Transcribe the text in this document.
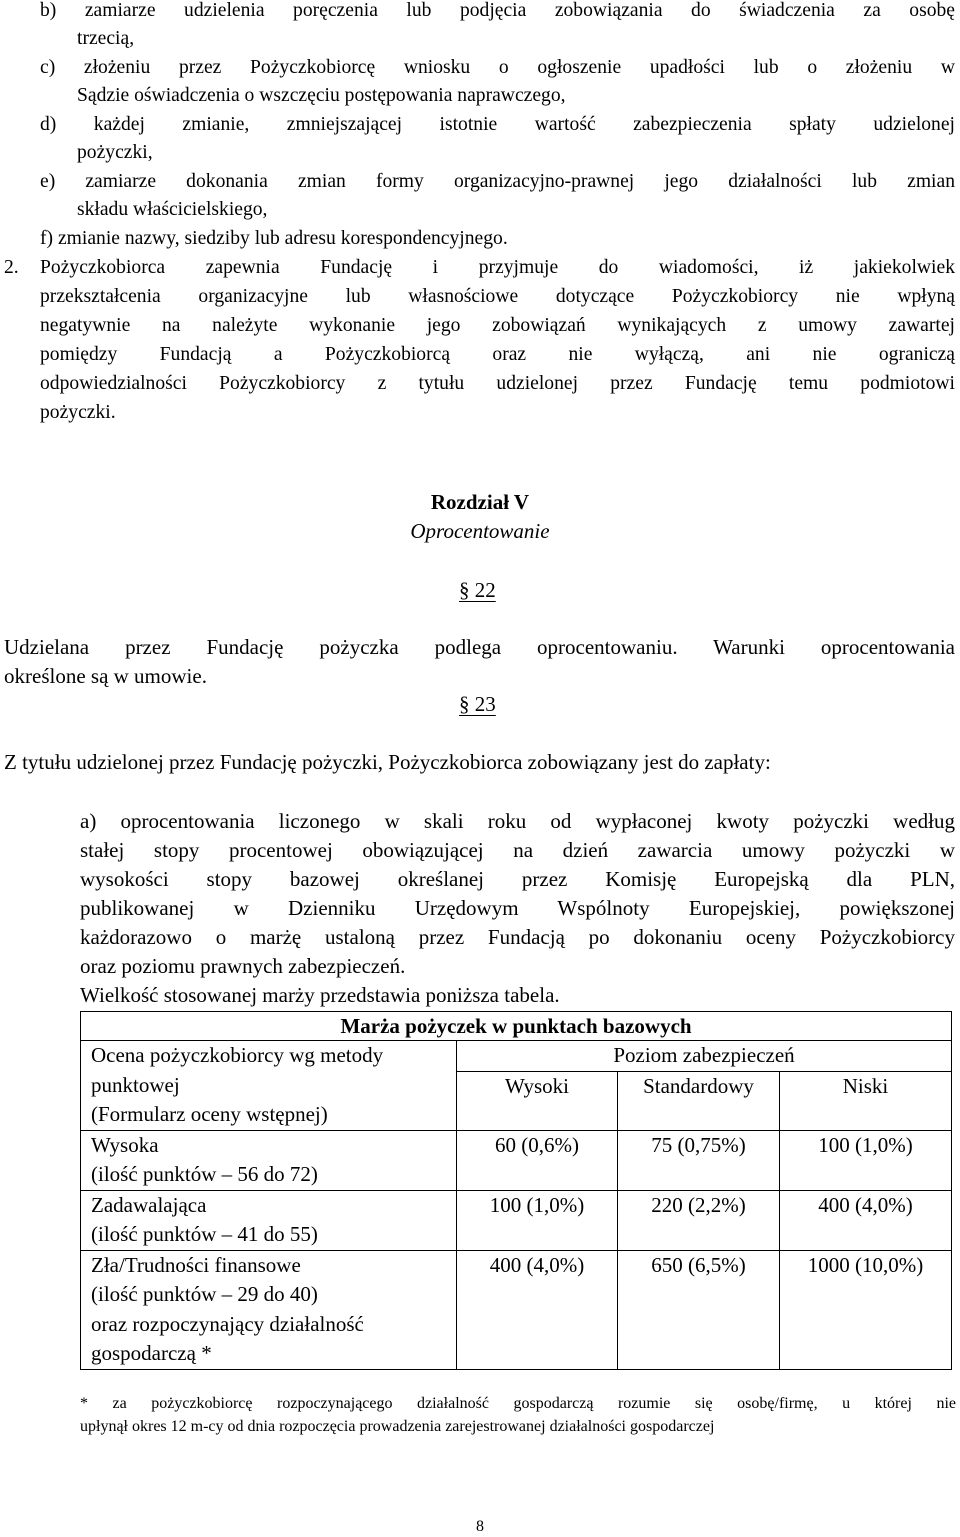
b) zamiarze udzielenia poręczenia lub podjęcia zobowiązania do świadczenia za osobę

trzecią,

c) złożeniu przez Pożyczkobiorcę wniosku o ogłoszenie upadłości lub o złożeniu w

Sądzie oświadczenia o wszczęciu postępowania naprawczego,

d) każdej zmianie, zmniejszającej istotnie wartość zabezpieczenia spłaty udzielonej

pożyczki,

e) zamiarze dokonania zmian formy organizacyjno-prawnej jego działalności lub zmian

składu właścicielskiego,

f) zmianie nazwy, siedziby lub adresu korespondencyjnego.

2. Pożyczkobiorca zapewnia Fundację i przyjmuje do wiadomości, iż jakiekolwiek

przekształcenia organizacyjne lub własnościowe dotyczące Pożyczkobiorcy nie wpłyną

negatywnie na należyte wykonanie jego zobowiązań wynikających z umowy zawartej

pomiędzy Fundacją a Pożyczkobiorcą oraz nie wyłączą, ani nie ograniczą

odpowiedzialności Pożyczkobiorcy z tytułu udzielonej przez Fundację temu podmiotowi

pożyczki.

Rozdział V

Oprocentowanie

§ 22

Udzielana przez Fundację pożyczka podlega oprocentowaniu. Warunki oprocentowania

określone są w umowie.

§ 23

Z tytułu udzielonej przez Fundację pożyczki, Pożyczkobiorca zobowiązany jest do zapłaty:

a) oprocentowania liczonego w skali roku od wypłaconej kwoty pożyczki według

stałej stopy procentowej obowiązującej na dzień zawarcia umowy pożyczki w

wysokości stopy bazowej określanej przez Komisję Europejską dla PLN,

publikowanej w Dzienniku Urzędowym Wspólnoty Europejskiej, powiększonej

każdorazowo o marżę ustaloną przez Fundacją po dokonaniu oceny Pożyczkobiorcy

oraz poziomu prawnych zabezpieczeń.

Wielkość stosowanej marży przedstawia poniższa tabela.

Marża pożyczek w punktach bazowych			

Ocena pożyczkobiorcy wg metody
punktowej
(Formularz oceny wstępnej)	Poziom zabezpieczeń		
	Wysoki	Standardowy	Niski

Wysoka
(ilość punktów – 56 do 72)	60 (0,6%)	75 (0,75%)	100 (1,0%)

Zadawalająca
(ilość punktów – 41 do 55)	100 (1,0%)	220 (2,2%)	400 (4,0%)

Zła/Trudności finansowe
(ilość punktów – 29 do 40)
oraz rozpoczynający działalność
gospodarczą *	400 (4,0%)	650 (6,5%)	1000 (10,0%)

* za pożyczkobiorcę rozpoczynającego działalność gospodarczą rozumie się osobę/firmę, u której nie

upłynął okres 12 m-cy od dnia rozpoczęcia prowadzenia zarejestrowanej działalności gospodarczej

8
